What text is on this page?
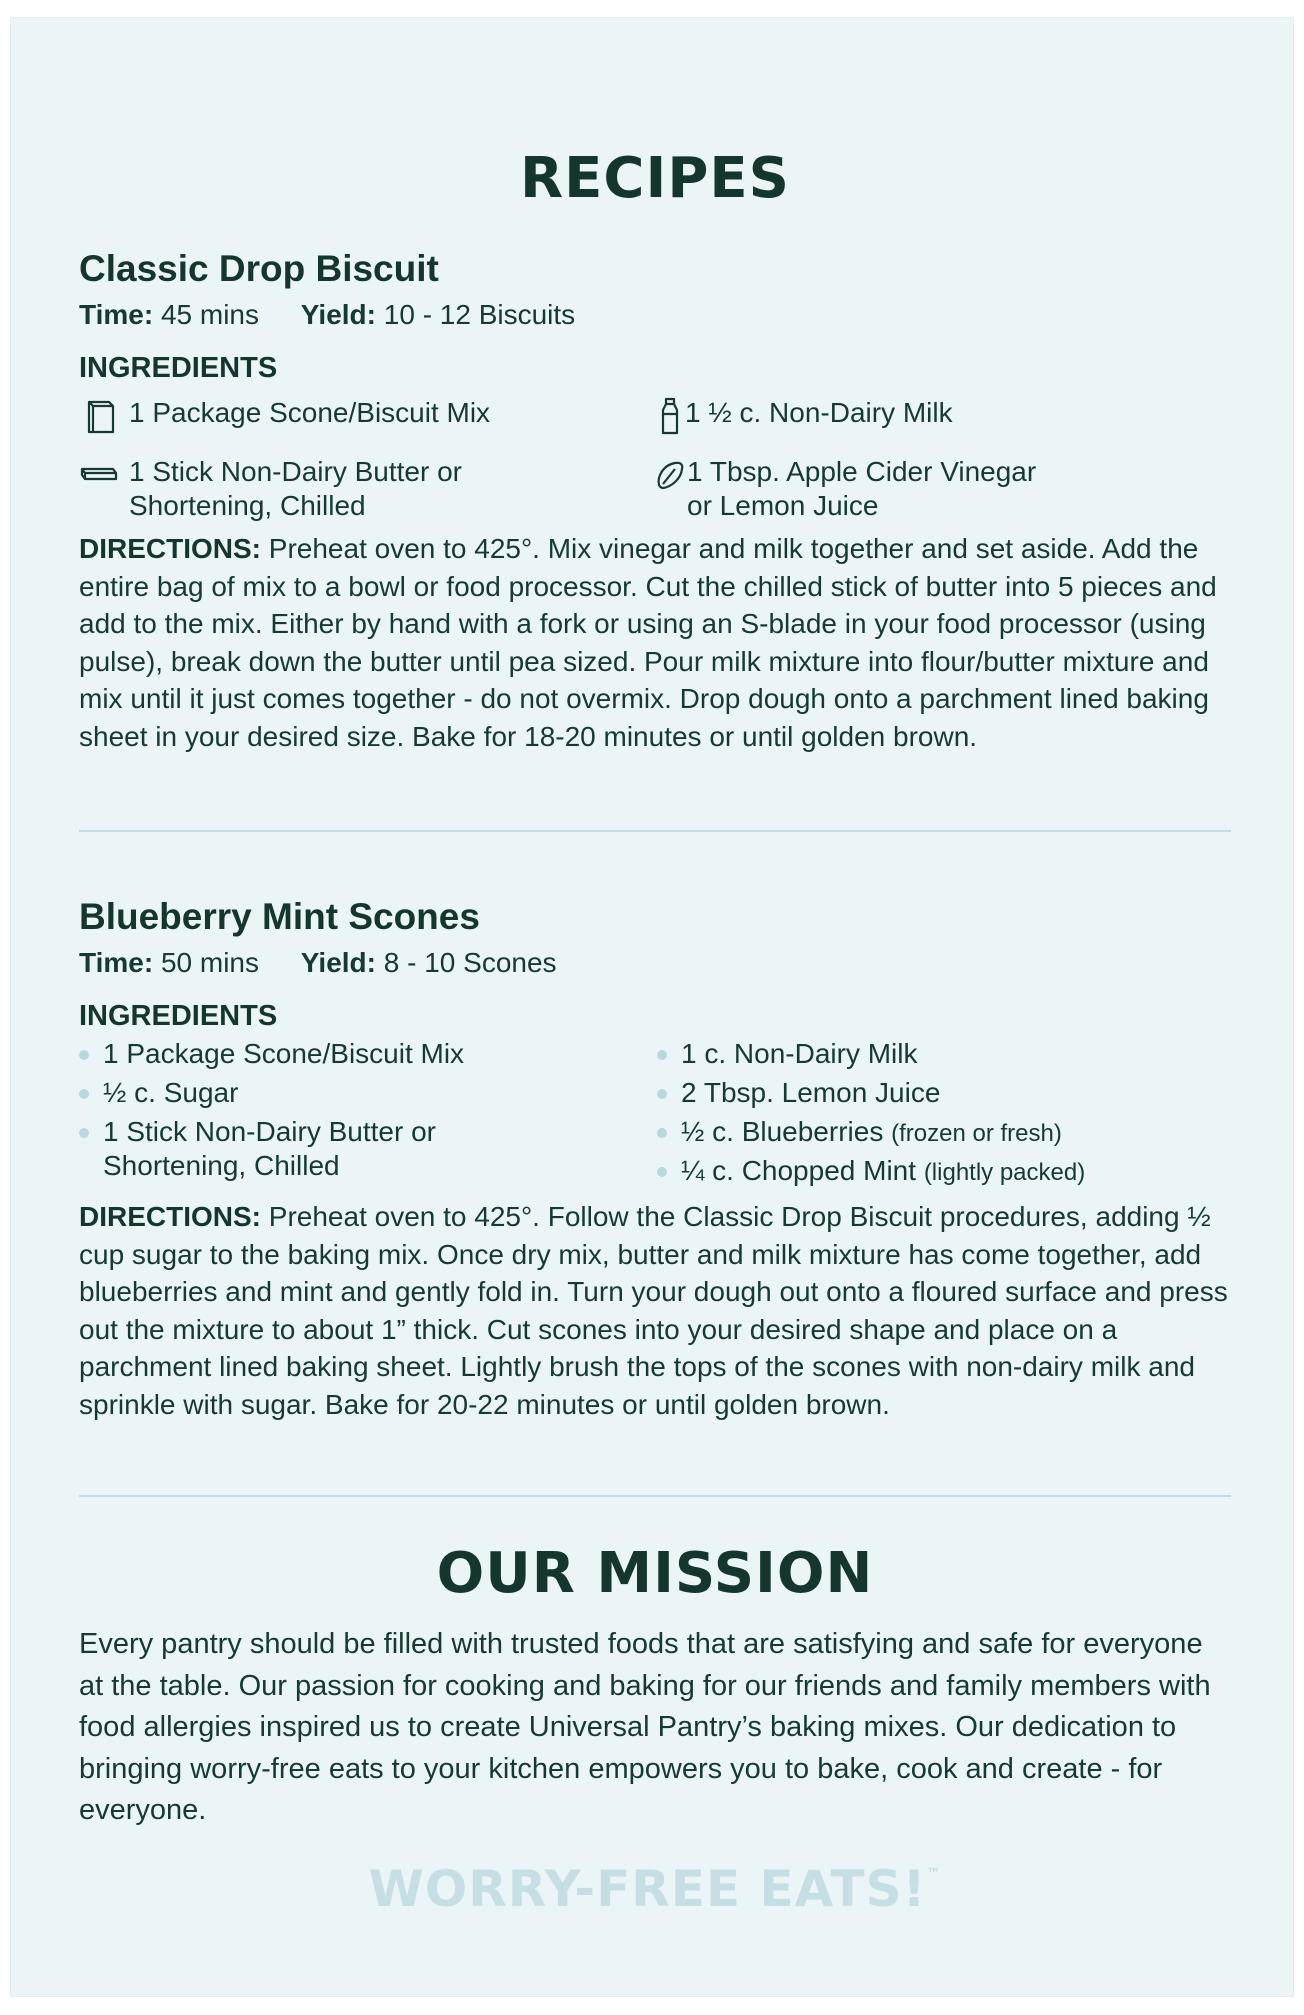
RECIPES
Classic Drop Biscuit
Time: 45 mins Yield: 10 - 12 Biscuits
INGREDIENTS
1 Package Scone/Biscuit Mix	1 ½ c. Non-Dairy Milk
1 Stick Non-Dairy Butter or
Shortening, Chilled
1 Tbsp. Apple Cider Vinegar
or Lemon Juice

DIRECTIONS: Preheat oven to 425°. Mix vinegar and milk together and set aside. Add the entire bag of mix to a bowl or food processor. Cut the chilled stick of butter into 5 pieces and add to the mix. Either by hand with a fork or using an S-blade in your food processor (using pulse), break down the butter until pea sized. Pour milk mixture into flour/butter mixture and mix until it just comes together - do not overmix. Drop dough onto a parchment lined baking sheet in your desired size. Bake for 18-20 minutes or until golden brown.

Blueberry Mint Scones
Time: 50 mins Yield: 8 - 10 Scones
INGREDIENTS
1 Package Scone/Biscuit Mix
½ c. Sugar
1 Stick Non-Dairy Butter or
Shortening, Chilled
1 c. Non-Dairy Milk
2 Tbsp. Lemon Juice
½ c. Blueberries (frozen or fresh)
¼ c. Chopped Mint (lightly packed)

DIRECTIONS: Preheat oven to 425°. Follow the Classic Drop Biscuit procedures, adding ½ cup sugar to the baking mix. Once dry mix, butter and milk mixture has come together, add blueberries and mint and gently fold in. Turn your dough out onto a floured surface and press out the mixture to about 1” thick. Cut scones into your desired shape and place on a parchment lined baking sheet. Lightly brush the tops of the scones with non-dairy milk and sprinkle with sugar. Bake for 20-22 minutes or until golden brown.

OUR MISSION

Every pantry should be filled with trusted foods that are satisfying and safe for everyone at the table. Our passion for cooking and baking for our friends and family members with food allergies inspired us to create Universal Pantry’s baking mixes. Our dedication to bringing worry-free eats to your kitchen empowers you to bake, cook and create - for everyone.

WORRY-FREE EATS!™
